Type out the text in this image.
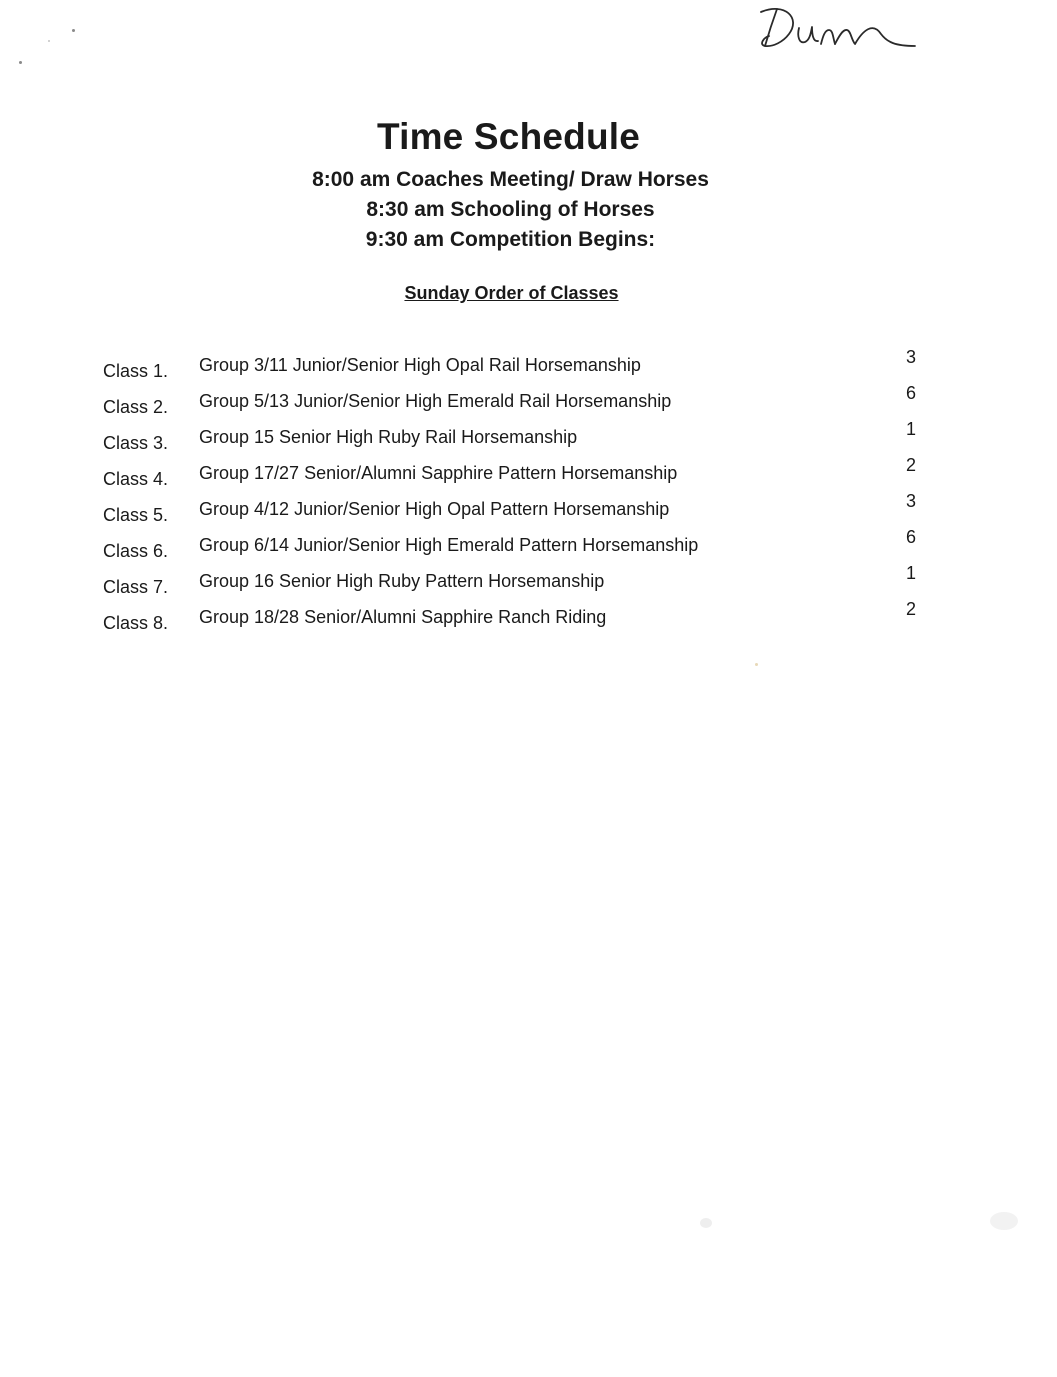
Time Schedule

8:00 am Coaches Meeting/ Draw Horses

8:30 am Schooling of Horses

9:30 am Competition Begins:

Sunday Order of Classes

Class 1. Group 3/11 Junior/Senior High Opal Rail Horsemanship	3
Class 2. Group 5/13 Junior/Senior High Emerald Rail Horsemanship	6
Class 3. Group 15 Senior High Ruby Rail Horsemanship	1
Class 4. Group 17/27 Senior/Alumni Sapphire Pattern Horsemanship	2
Class 5. Group 4/12 Junior/Senior High Opal Pattern Horsemanship	3
Class 6. Group 6/14 Junior/Senior High Emerald Pattern Horsemanship	6
Class 7. Group 16 Senior High Ruby Pattern Horsemanship	1
Class 8. Group 18/28 Senior/Alumni Sapphire Ranch Riding	2
